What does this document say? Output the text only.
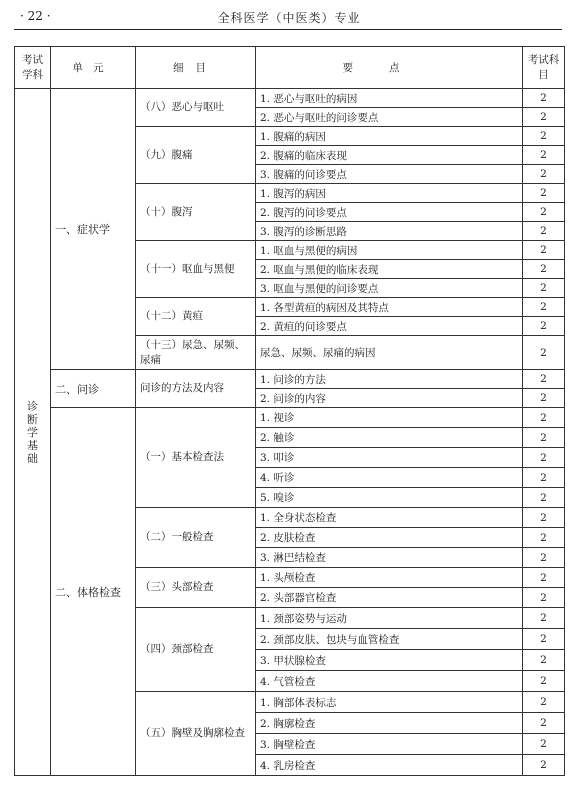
· 22 ·	全科医学（中医类）专业
考试学科	单元	细目	要点	考试科目
诊断学基础	一、症状学	（八）恶心与呕吐	1. 恶心与呕吐的病因	2
			2. 恶心与呕吐的问诊要点	2
		（九）腹痛	1. 腹痛的病因	2
			2. 腹痛的临床表现	2
			3. 腹痛的问诊要点	2
		（十）腹泻	1. 腹泻的病因	2
			2. 腹泻的问诊要点	2
			3. 腹泻的诊断思路	2
		（十一）呕血与黑便	1. 呕血与黑便的病因	2
			2. 呕血与黑便的临床表现	2
			3. 呕血与黑便的问诊要点	2
		（十二）黄疸	1. 各型黄疸的病因及其特点	2
			2. 黄疸的问诊要点	2
		（十三）尿急、尿频、尿痛	尿急、尿频、尿痛的病因	2
	二、问诊	问诊的方法及内容	1. 问诊的方法	2
			2. 问诊的内容	2
	二、体格检查	（一）基本检查法	1. 视诊	2
			2. 触诊	2
			3. 叩诊	2
			4. 听诊	2
			5. 嗅诊	2
		（二）一般检查	1. 全身状态检查	2
			2. 皮肤检查	2
			3. 淋巴结检查	2
		（三）头部检查	1. 头颅检查	2
			2. 头部器官检查	2
		（四）颈部检查	1. 颈部姿势与运动	2
			2. 颈部皮肤、包块与血管检查	2
			3. 甲状腺检查	2
			4. 气管检查	2
		（五）胸壁及胸廓检查	1. 胸部体表标志	2
			2. 胸廓检查	2
			3. 胸壁检查	2
			4. 乳房检查	2
